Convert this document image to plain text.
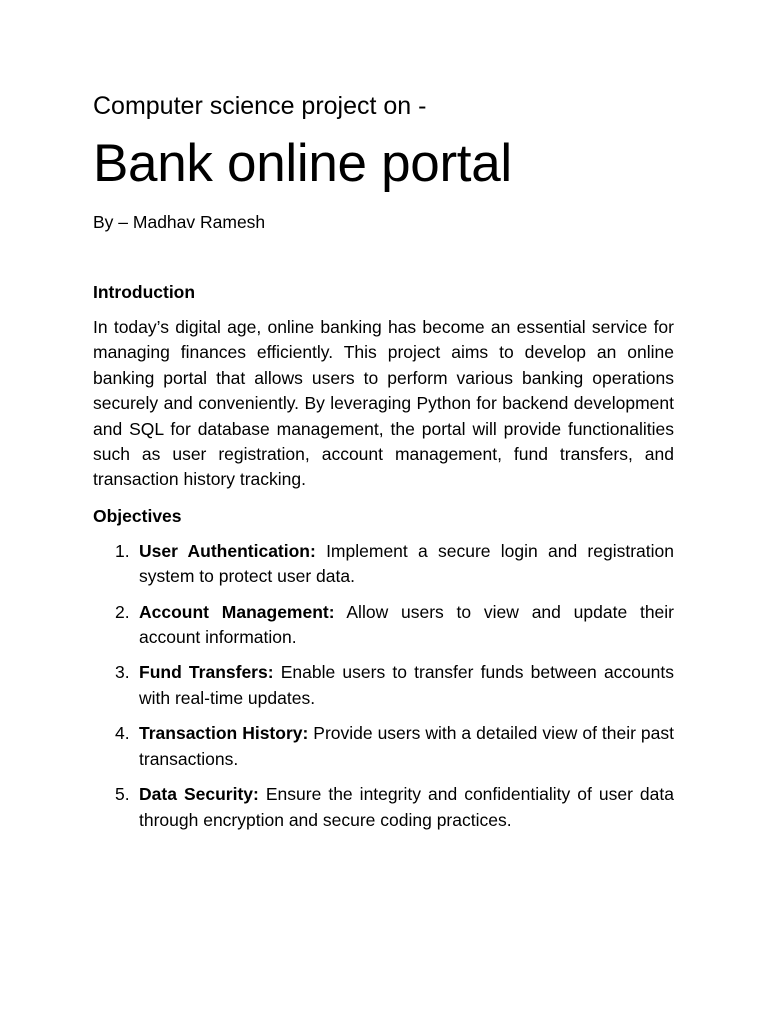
Computer science project on -

Bank online portal

By – Madhav Ramesh

Introduction

In today’s digital age, online banking has become an essential service for managing finances efficiently. This project aims to develop an online banking portal that allows users to perform various banking operations securely and conveniently. By leveraging Python for backend development and SQL for database management, the portal will provide functionalities such as user registration, account management, fund transfers, and transaction history tracking.

Objectives
1. User Authentication: Implement a secure login and registration system to protect user data.
2. Account Management: Allow users to view and update their account information.
3. Fund Transfers: Enable users to transfer funds between accounts with real-time updates.
4. Transaction History: Provide users with a detailed view of their past transactions.
5. Data Security: Ensure the integrity and confidentiality of user data through encryption and secure coding practices.
